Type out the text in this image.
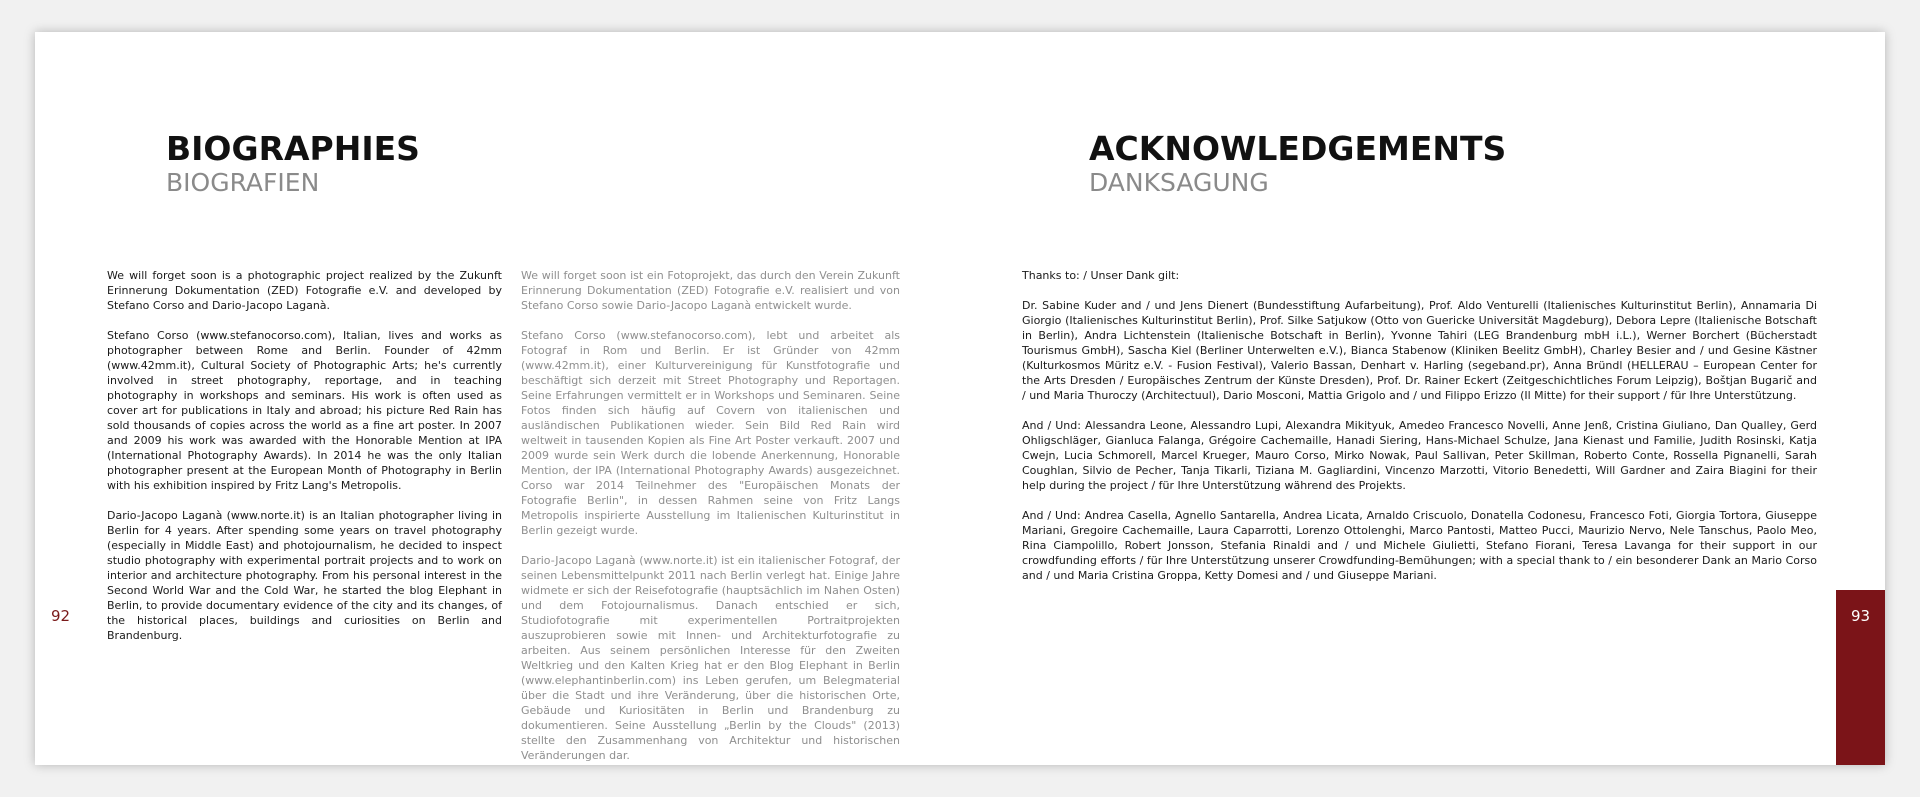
BIOGRAPHIES
BIOGRAFIEN

We will forget soon is a photographic project realized by the Zukunft Erinnerung Dokumentation (ZED) Fotografie e.V. and developed by Stefano Corso and Dario-Jacopo Laganà.

Stefano Corso (www.stefanocorso.com), Italian, lives and works as photographer between Rome and Berlin. Founder of 42mm (www.42mm.it), Cultural Society of Photographic Arts; he's currently involved in street photography, reportage, and in teaching photography in workshops and seminars. His work is often used as cover art for publications in Italy and abroad; his picture Red Rain has sold thousands of copies across the world as a fine art poster. In 2007 and 2009 his work was awarded with the Honorable Mention at IPA (International Photography Awards). In 2014 he was the only Italian photographer present at the European Month of Photography in Berlin with his exhibition inspired by Fritz Lang's Metropolis.

Dario-Jacopo Laganà (www.norte.it) is an Italian photographer living in Berlin for 4 years. After spending some years on travel photography (especially in Middle East) and photojournalism, he decided to inspect studio photography with experimental portrait projects and to work on interior and architecture photography. From his personal interest in the Second World War and the Cold War, he started the blog Elephant in Berlin, to provide documentary evidence of the city and its changes, of the historical places, buildings and curiosities on Berlin and Brandenburg.

We will forget soon ist ein Fotoprojekt, das durch den Verein Zukunft Erinnerung Dokumentation (ZED) Fotografie e.V. realisiert und von Stefano Corso sowie Dario-Jacopo Laganà entwickelt wurde.

Stefano Corso (www.stefanocorso.com), lebt und arbeitet als Fotograf in Rom und Berlin. Er ist Gründer von 42mm (www.42mm.it), einer Kulturvereinigung für Kunstfotografie und beschäftigt sich derzeit mit Street Photography und Reportagen. Seine Erfahrungen vermittelt er in Workshops und Seminaren. Seine Fotos finden sich häufig auf Covern von italienischen und ausländischen Publikationen wieder. Sein Bild Red Rain wird weltweit in tausenden Kopien als Fine Art Poster verkauft. 2007 und 2009 wurde sein Werk durch die lobende Anerkennung, Honorable Mention, der IPA (International Photography Awards) ausgezeichnet. Corso war 2014 Teilnehmer des "Europäischen Monats der Fotografie Berlin", in dessen Rahmen seine von Fritz Langs Metropolis inspirierte Ausstellung im Italienischen Kulturinstitut in Berlin gezeigt wurde.

Dario-Jacopo Laganà (www.norte.it) ist ein italienischer Fotograf, der seinen Lebensmittelpunkt 2011 nach Berlin verlegt hat. Einige Jahre widmete er sich der Reisefotografie (hauptsächlich im Nahen Osten) und dem Fotojournalismus. Danach entschied er sich, Studiofotografie mit experimentellen Portraitprojekten auszuprobieren sowie mit Innen- und Architekturfotografie zu arbeiten. Aus seinem persönlichen Interesse für den Zweiten Weltkrieg und den Kalten Krieg hat er den Blog Elephant in Berlin (www.elephantinberlin.com) ins Leben gerufen, um Belegmaterial über die Stadt und ihre Veränderung, über die historischen Orte, Gebäude und Kuriositäten in Berlin und Brandenburg zu dokumentieren. Seine Ausstellung „Berlin by the Clouds" (2013) stellte den Zusammenhang von Architektur und historischen Veränderungen dar.

92
ACKNOWLEDGEMENTS
DANKSAGUNG

Thanks to: / Unser Dank gilt:

Dr. Sabine Kuder and / und Jens Dienert (Bundesstiftung Aufarbeitung), Prof. Aldo Venturelli (Italienisches Kulturinstitut Berlin), Annamaria Di Giorgio (Italienisches Kulturinstitut Berlin), Prof. Silke Satjukow (Otto von Guericke Universität Magdeburg), Debora Lepre (Italienische Botschaft in Berlin), Andra Lichtenstein (Italienische Botschaft in Berlin), Yvonne Tahiri (LEG Brandenburg mbH i.L.), Werner Borchert (Bücherstadt Tourismus GmbH), Sascha Kiel (Berliner Unterwelten e.V.), Bianca Stabenow (Kliniken Beelitz GmbH), Charley Besier and / und Gesine Kästner (Kulturkosmos Müritz e.V. - Fusion Festival), Valerio Bassan, Denhart v. Harling (segeband.pr), Anna Bründl (HELLERAU – European Center for the Arts Dresden / Europäisches Zentrum der Künste Dresden), Prof. Dr. Rainer Eckert (Zeitgeschichtliches Forum Leipzig), Boštjan Bugarič and / und Maria Thuroczy (Architectuul), Dario Mosconi, Mattia Grigolo and / und Filippo Erizzo (Il Mitte) for their support / für Ihre Unterstützung.

And / Und: Alessandra Leone, Alessandro Lupi, Alexandra Mikityuk, Amedeo Francesco Novelli, Anne Jenß, Cristina Giuliano, Dan Qualley, Gerd Ohligschläger, Gianluca Falanga, Grégoire Cachemaille, Hanadi Siering, Hans-Michael Schulze, Jana Kienast und Familie, Judith Rosinski, Katja Cwejn, Lucia Schmorell, Marcel Krueger, Mauro Corso, Mirko Nowak, Paul Sallivan, Peter Skillman, Roberto Conte, Rossella Pignanelli, Sarah Coughlan, Silvio de Pecher, Tanja Tikarli, Tiziana M. Gagliardini, Vincenzo Marzotti, Vitorio Benedetti, Will Gardner and Zaira Biagini for their help during the project / für Ihre Unterstützung während des Projekts.

And / Und: Andrea Casella, Agnello Santarella, Andrea Licata, Arnaldo Criscuolo, Donatella Codonesu, Francesco Foti, Giorgia Tortora, Giuseppe Mariani, Gregoire Cachemaille, Laura Caparrotti, Lorenzo Ottolenghi, Marco Pantosti, Matteo Pucci, Maurizio Nervo, Nele Tanschus, Paolo Meo, Rina Ciampolillo, Robert Jonsson, Stefania Rinaldi and / und Michele Giulietti, Stefano Fiorani, Teresa Lavanga for their support in our crowdfunding efforts / für Ihre Unterstützung unserer Crowdfunding-Bemühungen; with a special thank to / ein besonderer Dank an Mario Corso and / und Maria Cristina Groppa, Ketty Domesi and / und Giuseppe Mariani.

93
